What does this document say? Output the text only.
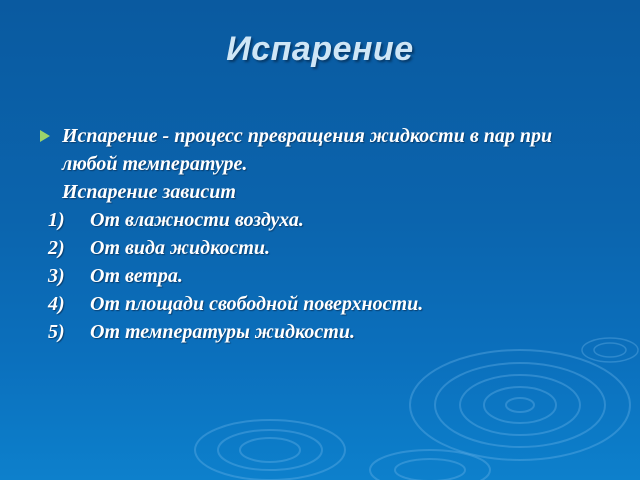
Испарение
Испарение - процесс превращения жидкости в пар при любой температуре.
Испарение зависит
1) От влажности воздуха.
2) От вида жидкости.
3) От ветра.
4) От площади свободной поверхности.
5) От температуры жидкости.
